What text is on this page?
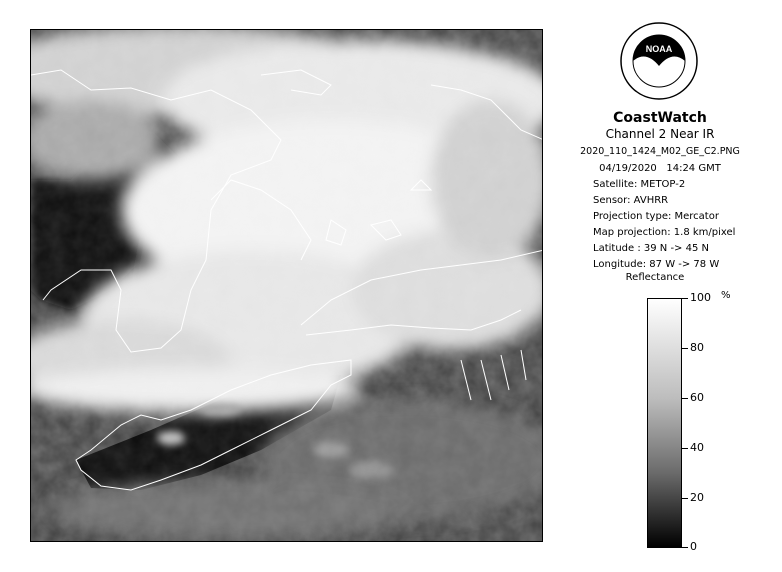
NOAA
CoastWatch
Channel 2 Near IR
2020_110_1424_M02_GE_C2.PNG
04/19/2020 14:24 GMT
Satellite: METOP-2
Sensor: AVHRR
Projection type: Mercator
Map projection: 1.8 km/pixel
Latitude : 39 N -> 45 N
Longitude: 87 W -> 78 W
Reflectance
%
100
80
60
40
20
0
